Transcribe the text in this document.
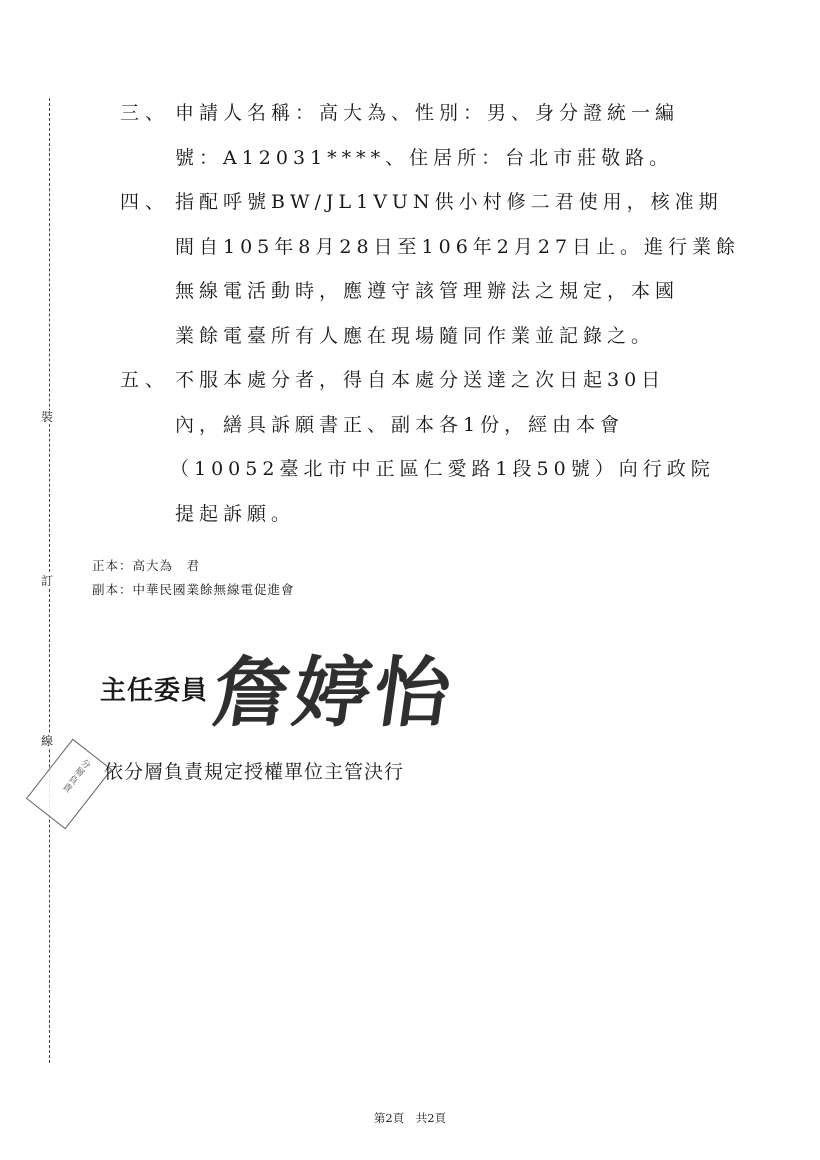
裝
訂
線
三、 申請人名稱：高大為、性別：男、身分證統一編
號：A12031****、住居所：台北市莊敬路。
四、 指配呼號BW/JL1VUN供小村修二君使用，核准期
間自105年8月28日至106年2月27日止。進行業餘
無線電活動時，應遵守該管理辦法之規定，本國
業餘電臺所有人應在現場隨同作業並記錄之。
五、 不服本處分者，得自本處分送達之次日起30日
內，繕具訴願書正、副本各1份，經由本會
（10052臺北市中正區仁愛路1段50號）向行政院
提起訴願。
正本：高大為　君
副本：中華民國業餘無線電促進會
主任委員 詹婷怡
分層負責 依分層負責規定授權單位主管決行
第2頁　共2頁
